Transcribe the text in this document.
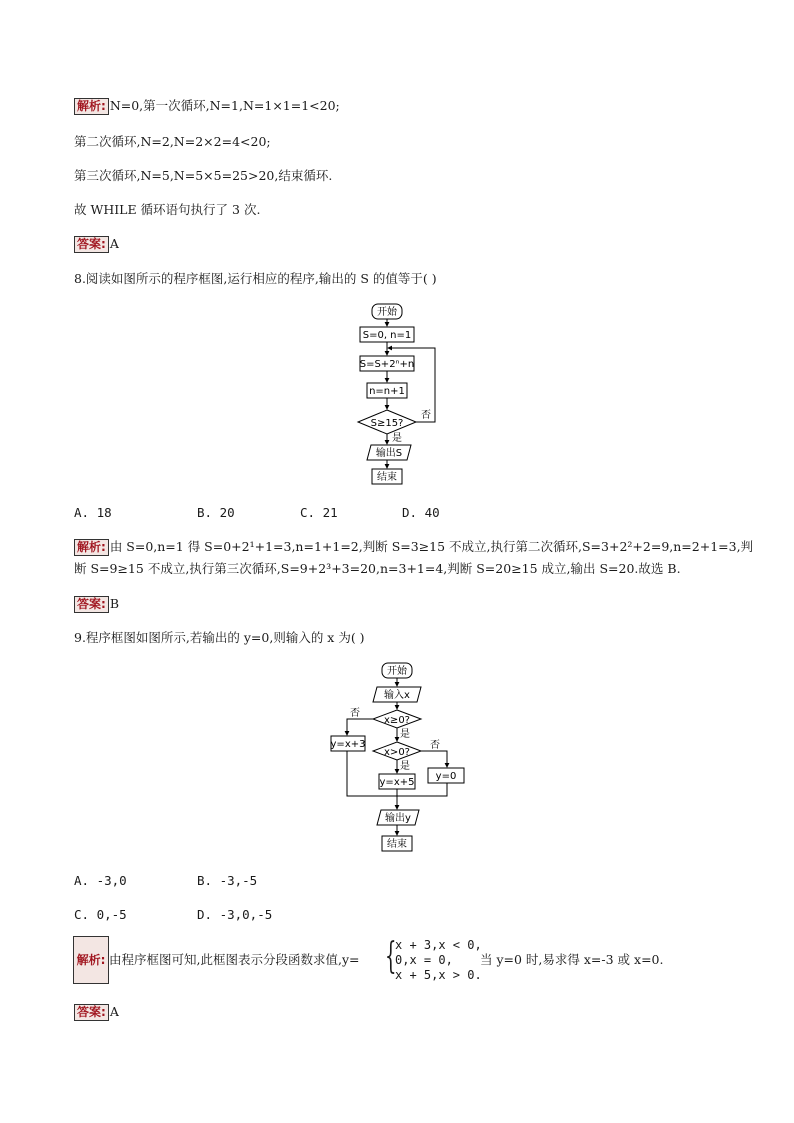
解析: N=0,第一次循环,N=1,N=1×1=1<20;
第二次循环,N=2,N=2×2=4<20;
第三次循环,N=5,N=5×5=25>20,结束循环.
故 WHILE 循环语句执行了 3 次.
答案: A
8.阅读如图所示的程序框图,运行相应的程序,输出的 S 的值等于( )
开始
S=0, n=1
S=S+2ⁿ+n
n=n+1
S≥15?
否
是
输出S
结束
A. 18	B. 20	C. 21	D. 40
解析: 由 S=0,n=1 得 S=0+2¹+1=3,n=1+1=2,判断 S=3≥15 不成立,执行第二次循环,S=3+2²+2=9,n=2+1=3,判
断 S=9≥15 不成立,执行第三次循环,S=9+2³+3=20,n=3+1=4,判断 S=20≥15 成立,输出 S=20.故选 B.
答案: B
9.程序框图如图所示,若输出的 y=0,则输入的 x 为( )
开始
输入x
x≥0?
否
是
y=x+3
x>0?
否
是
y=x+5
y=0
输出y
结束
A. -3,0	B. -3,-5
C. 0,-5	D. -3,0,-5
解析: 由程序框图可知,此框图表示分段函数求值,y= {
x + 3,x < 0,
0,x = 0,
x + 5,x > 0.
当 y=0 时,易求得 x=-3 或 x=0.
答案: A
